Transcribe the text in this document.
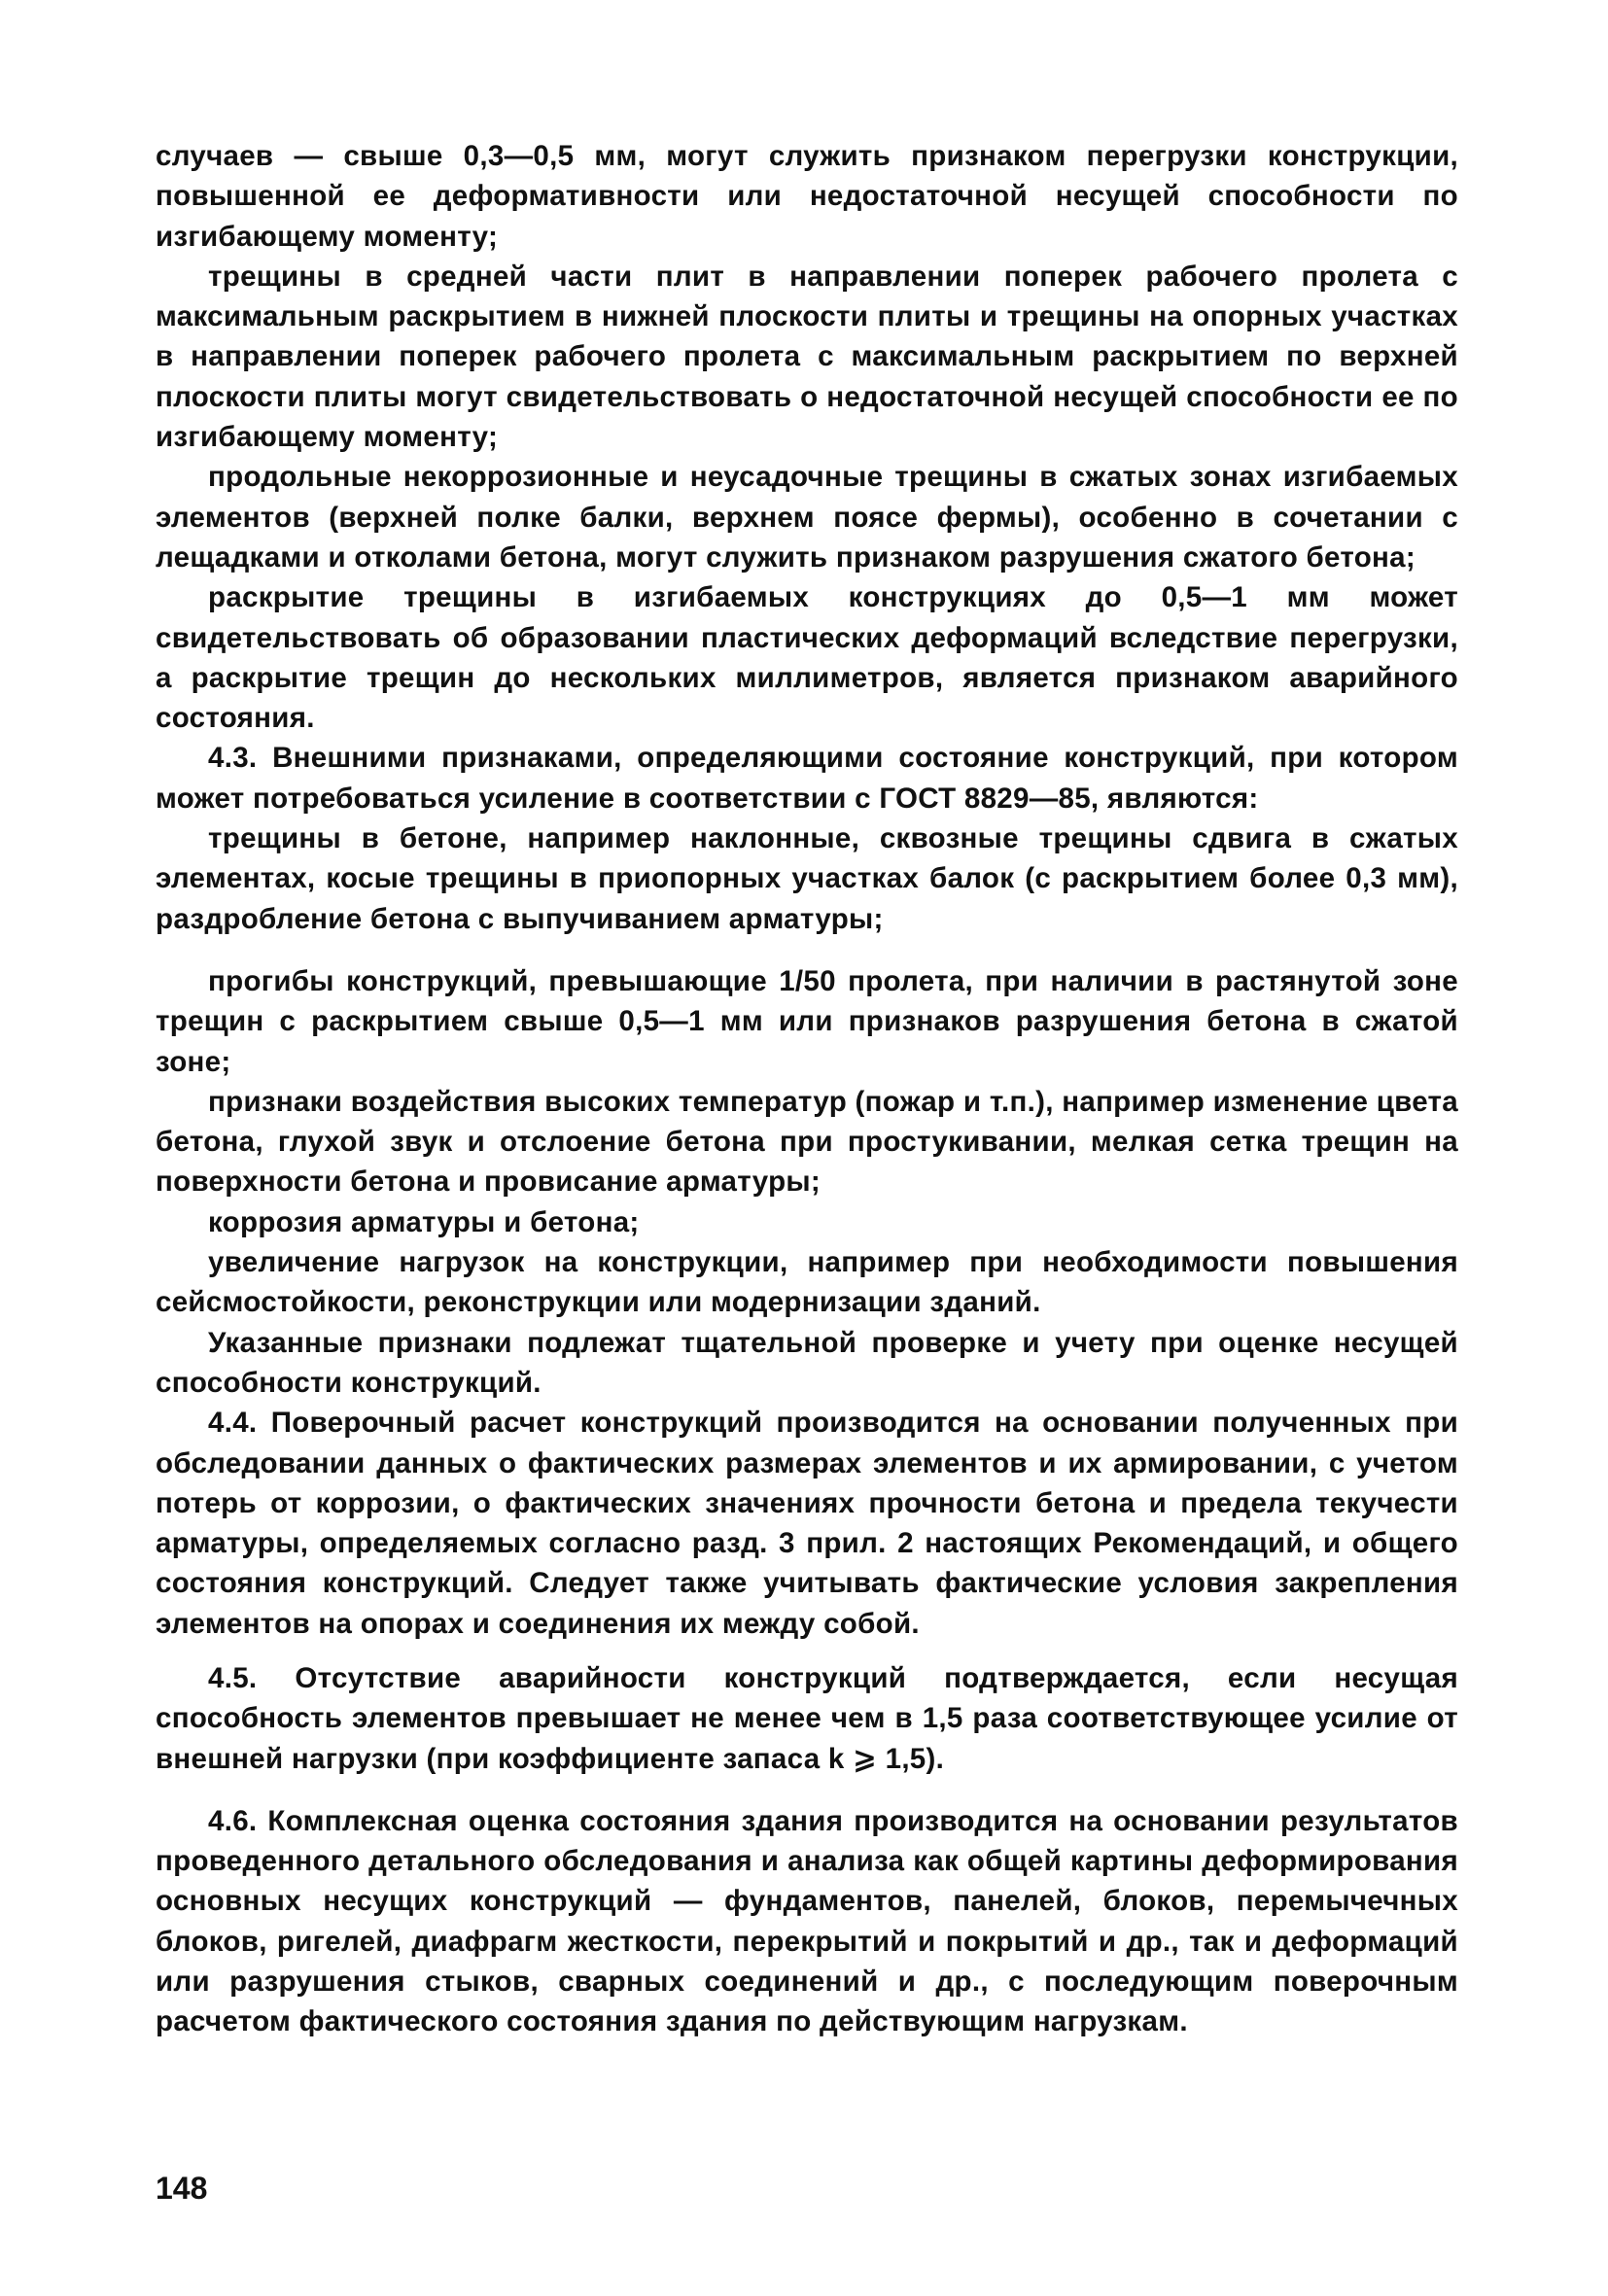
случаев — свыше 0,3—0,5 мм, могут служить признаком перегрузки конструкции, повышенной ее деформативности или недостаточной несущей способности по изгибающему моменту;

трещины в средней части плит в направлении поперек рабочего пролета с максимальным раскрытием в нижней плоскости плиты и трещины на опорных участках в направлении поперек рабочего пролета с максимальным раскрытием по верхней плоскости плиты могут свидетельствовать о недостаточной несущей способности ее по изгибающему моменту;

продольные некоррозионные и неусадочные трещины в сжатых зонах изгибаемых элементов (верхней полке балки, верхнем поясе фермы), особенно в сочетании с лещадками и отколами бетона, могут служить признаком разрушения сжатого бетона;

раскрытие трещины в изгибаемых конструкциях до 0,5—1 мм может свидетельствовать об образовании пластических деформаций вследствие перегрузки, а раскрытие трещин до нескольких миллиметров, является признаком аварийного состояния.

4.3. Внешними признаками, определяющими состояние конструкций, при котором может потребоваться усиление в соответствии с ГОСТ 8829—85, являются:

трещины в бетоне, например наклонные, сквозные трещины сдвига в сжатых элементах, косые трещины в приопорных участках балок (с раскрытием более 0,3 мм), раздробление бетона с выпучиванием арматуры;

прогибы конструкций, превышающие 1/50 пролета, при наличии в растянутой зоне трещин с раскрытием свыше 0,5—1 мм или признаков разрушения бетона в сжатой зоне;

признаки воздействия высоких температур (пожар и т.п.), например изменение цвета бетона, глухой звук и отслоение бетона при простукивании, мелкая сетка трещин на поверхности бетона и провисание арматуры;

коррозия арматуры и бетона;

увеличение нагрузок на конструкции, например при необходимости повышения сейсмостойкости, реконструкции или модернизации зданий.

Указанные признаки подлежат тщательной проверке и учету при оценке несущей способности конструкций.

4.4. Поверочный расчет конструкций производится на основании полученных при обследовании данных о фактических размерах элементов и их армировании, с учетом потерь от коррозии, о фактических значениях прочности бетона и предела текучести арматуры, определяемых согласно разд. 3 прил. 2 настоящих Рекомендаций, и общего состояния конструкций. Следует также учитывать фактические условия закрепления элементов на опорах и соединения их между собой.

4.5. Отсутствие аварийности конструкций подтверждается, если несущая способность элементов превышает не менее чем в 1,5 раза соответствующее усилие от внешней нагрузки (при коэффициенте запаса k ⩾ 1,5).

4.6. Комплексная оценка состояния здания производится на основании результатов проведенного детального обследования и анализа как общей картины деформирования основных несущих конструкций — фундаментов, панелей, блоков, перемычечных блоков, ригелей, диафрагм жесткости, перекрытий и покрытий и др., так и деформаций или разрушения стыков, сварных соединений и др., с последующим поверочным расчетом фактического состояния здания по действующим нагрузкам.

148
